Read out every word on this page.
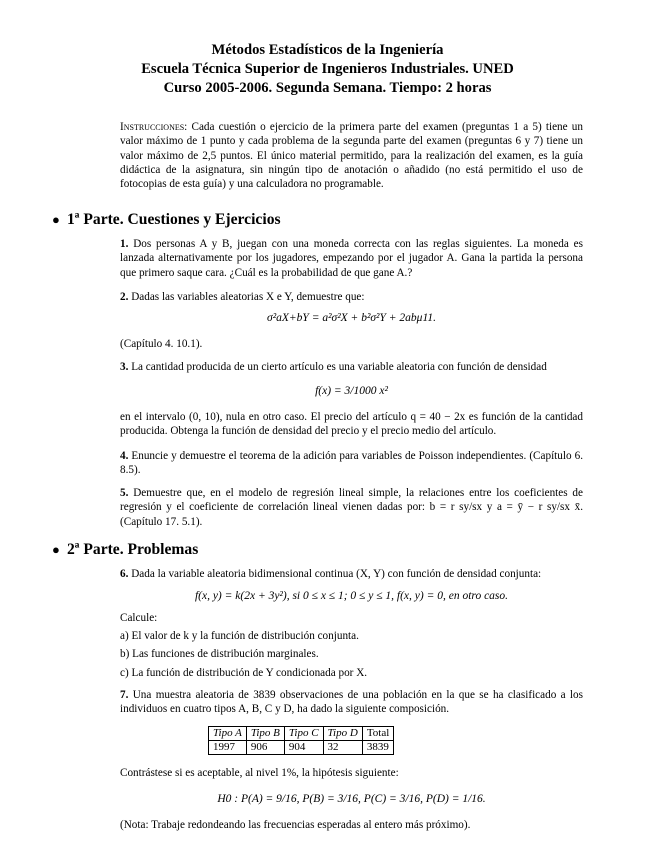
Métodos Estadísticos de la Ingeniería
Escuela Técnica Superior de Ingenieros Industriales. UNED
Curso 2005-2006. Segunda Semana. Tiempo: 2 horas
Instrucciones: Cada cuestión o ejercicio de la primera parte del examen (preguntas 1 a 5) tiene un valor máximo de 1 punto y cada problema de la segunda parte del examen (preguntas 6 y 7) tiene un valor máximo de 2,5 puntos. El único material permitido, para la realización del examen, es la guía didáctica de la asignatura, sin ningún tipo de anotación o añadido (no está permitido el uso de fotocopias de esta guía) y una calculadora no programable.
● 1ª Parte. Cuestiones y Ejercicios
1. Dos personas A y B, juegan con una moneda correcta con las reglas siguientes. La moneda es lanzada alternativamente por los jugadores, empezando por el jugador A. Gana la partida la persona que primero saque cara. ¿Cuál es la probabilidad de que gane A.?
2. Dadas las variables aleatorias X e Y, demuestre que:
σ²aX+bY = a²σ²X + b²σ²Y + 2abμ11.
(Capítulo 4. 10.1).
3. La cantidad producida de un cierto artículo es una variable aleatoria con función de densidad
f(x) = 3/1000 x²
en el intervalo (0, 10), nula en otro caso. El precio del artículo q = 40 − 2x es función de la cantidad producida. Obtenga la función de densidad del precio y el precio medio del artículo.
4. Enuncie y demuestre el teorema de la adición para variables de Poisson independientes. (Capítulo 6. 8.5).
5. Demuestre que, en el modelo de regresión lineal simple, la relaciones entre los coeficientes de regresión y el coeficiente de correlación lineal vienen dadas por: b = r sy/sx y a = ȳ − r sy/sx x̄. (Capítulo 17. 5.1).
● 2ª Parte. Problemas
6. Dada la variable aleatoria bidimensional continua (X, Y) con función de densidad conjunta:
f(x, y) = k(2x + 3y²), si 0 ≤ x ≤ 1; 0 ≤ y ≤ 1, f(x, y) = 0, en otro caso.
Calcule:
a) El valor de k y la función de distribución conjunta.
b) Las funciones de distribución marginales.
c) La función de distribución de Y condicionada por X.
7. Una muestra aleatoria de 3839 observaciones de una población en la que se ha clasificado a los individuos en cuatro tipos A, B, C y D, ha dado la siguiente composición.
Tipo A	Tipo B	Tipo C	Tipo D	Total
1997	906	904	32	3839
Contrástese si es aceptable, al nivel 1%, la hipótesis siguiente:
H0 : P(A) = 9/16, P(B) = 3/16, P(C) = 3/16, P(D) = 1/16.
(Nota: Trabaje redondeando las frecuencias esperadas al entero más próximo).
